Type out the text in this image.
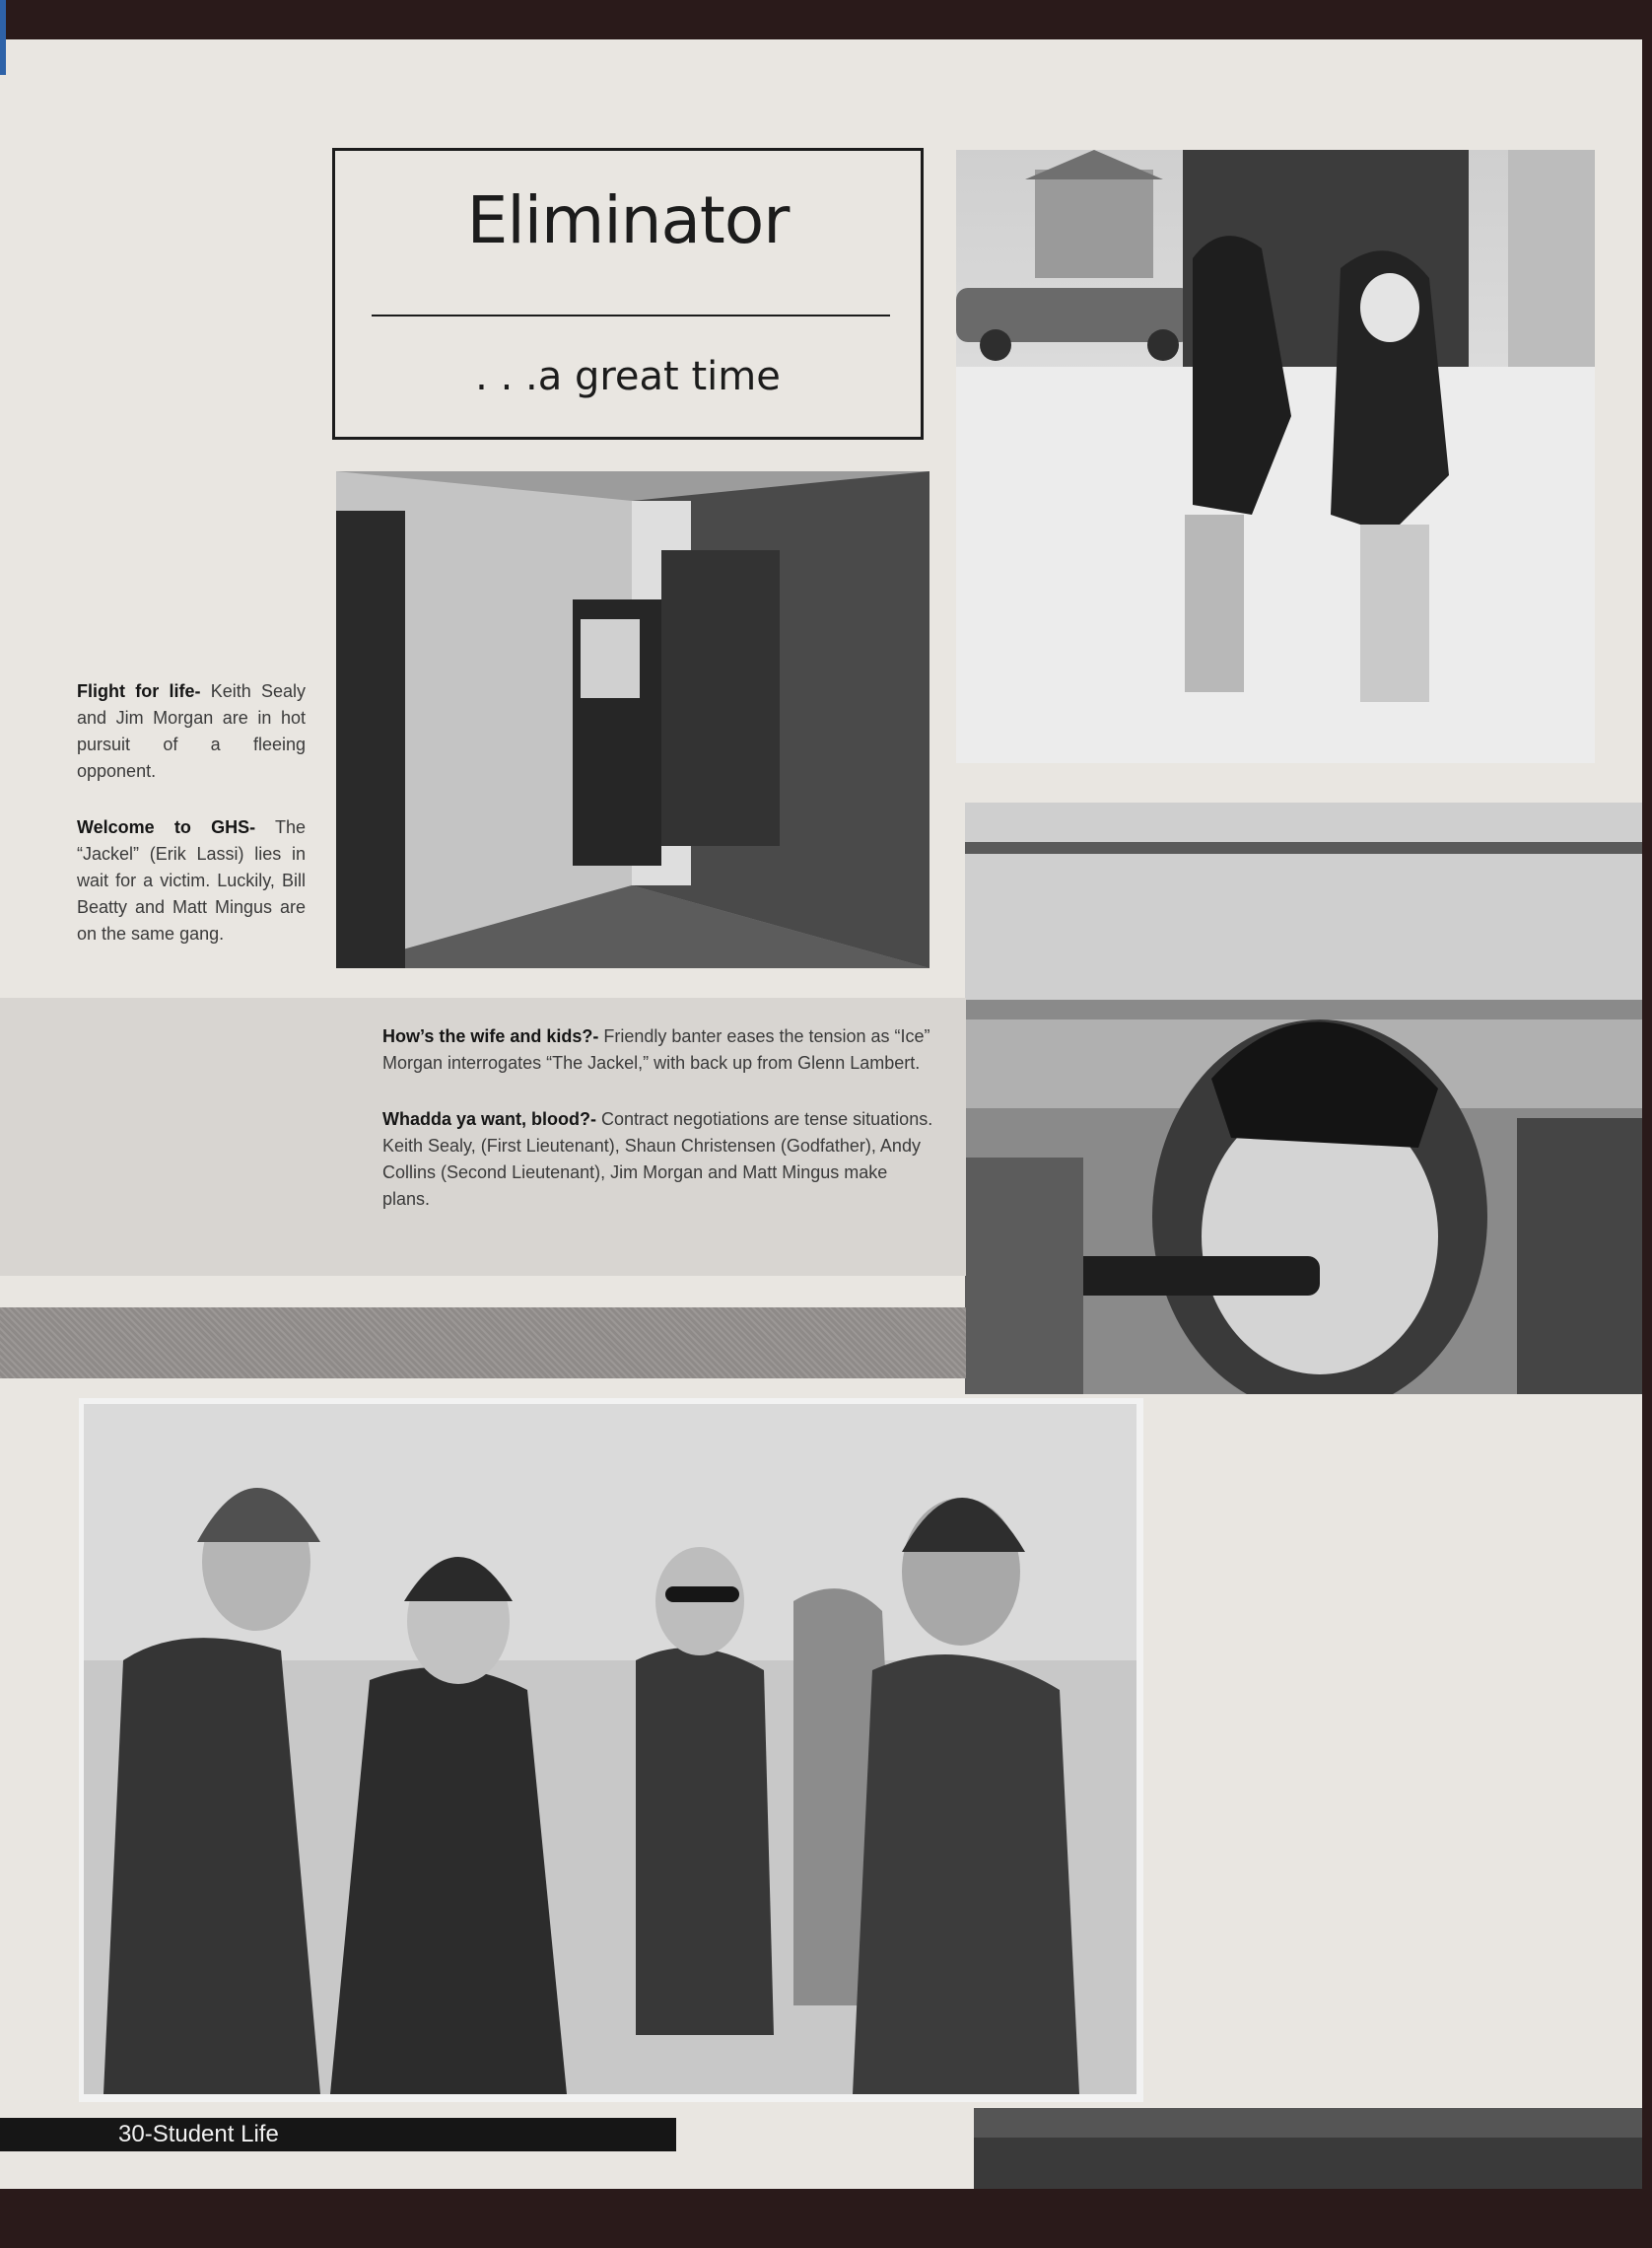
Eliminator
. . .a great time

Flight for life- Keith Sealy and Jim Morgan are in hot pursuit of a fleeing opponent.

Welcome to GHS- The “Jackel” (Erik Lassi) lies in wait for a victim. Luckily, Bill Beatty and Matt Mingus are on the same gang.

How’s the wife and kids?- Friendly banter eases the tension as “Ice” Morgan interrogates “The Jackel,” with back up from Glenn Lambert.

Whadda ya want, blood?- Contract negotiations are tense situations. Keith Sealy, (First Lieutenant), Shaun Christensen (Godfather), Andy Collins (Second Lieutenant), Jim Morgan and Matt Mingus make plans.

30-Student Life
